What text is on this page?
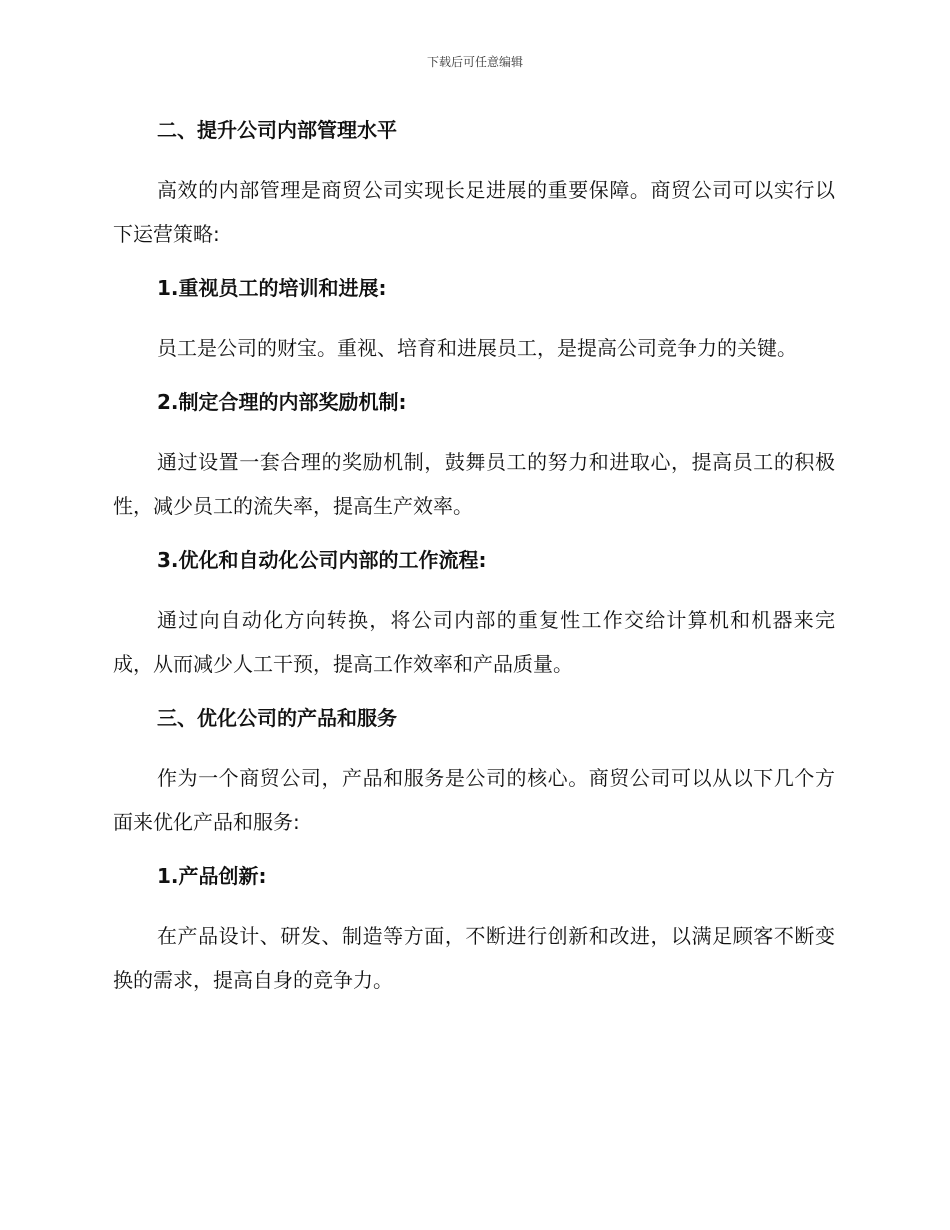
下载后可任意编辑

二、提升公司内部管理水平

高效的内部管理是商贸公司实现长足进展的重要保障。商贸公司可以实行以下运营策略:

1.重视员工的培训和进展:

员工是公司的财宝。重视、培育和进展员工，是提高公司竞争力的关键。

2.制定合理的内部奖励机制:

通过设置一套合理的奖励机制，鼓舞员工的努力和进取心，提高员工的积极性，减少员工的流失率，提高生产效率。

3.优化和自动化公司内部的工作流程:

通过向自动化方向转换，将公司内部的重复性工作交给计算机和机器来完成，从而减少人工干预，提高工作效率和产品质量。

三、优化公司的产品和服务

作为一个商贸公司，产品和服务是公司的核心。商贸公司可以从以下几个方面来优化产品和服务:

1.产品创新:

在产品设计、研发、制造等方面，不断进行创新和改进，以满足顾客不断变换的需求，提高自身的竞争力。
